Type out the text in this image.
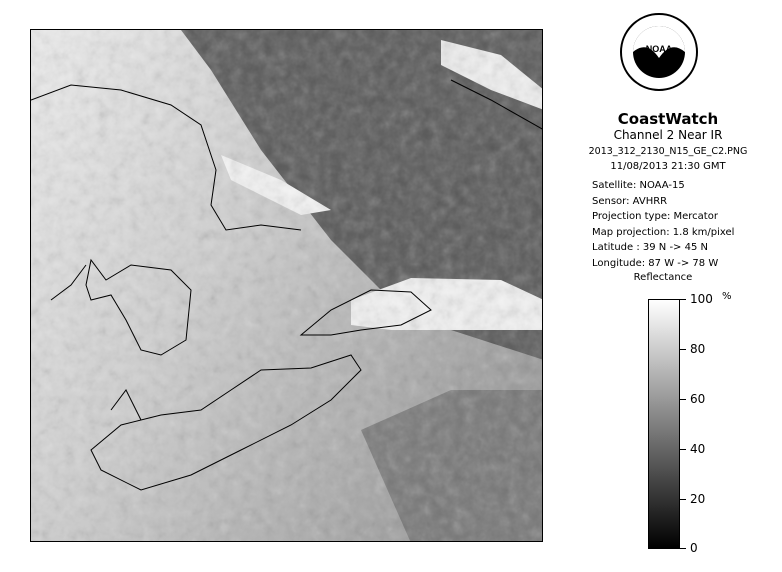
NOAA
CoastWatch
Channel 2 Near IR
2013_312_2130_N15_GE_C2.PNG
11/08/2013 21:30 GMT
Satellite: NOAA-15
Sensor: AVHRR
Projection type: Mercator
Map projection: 1.8 km/pixel
Latitude : 39 N -> 45 N
Longitude: 87 W -> 78 W
Reflectance
%
100
80
60
40
20
0
